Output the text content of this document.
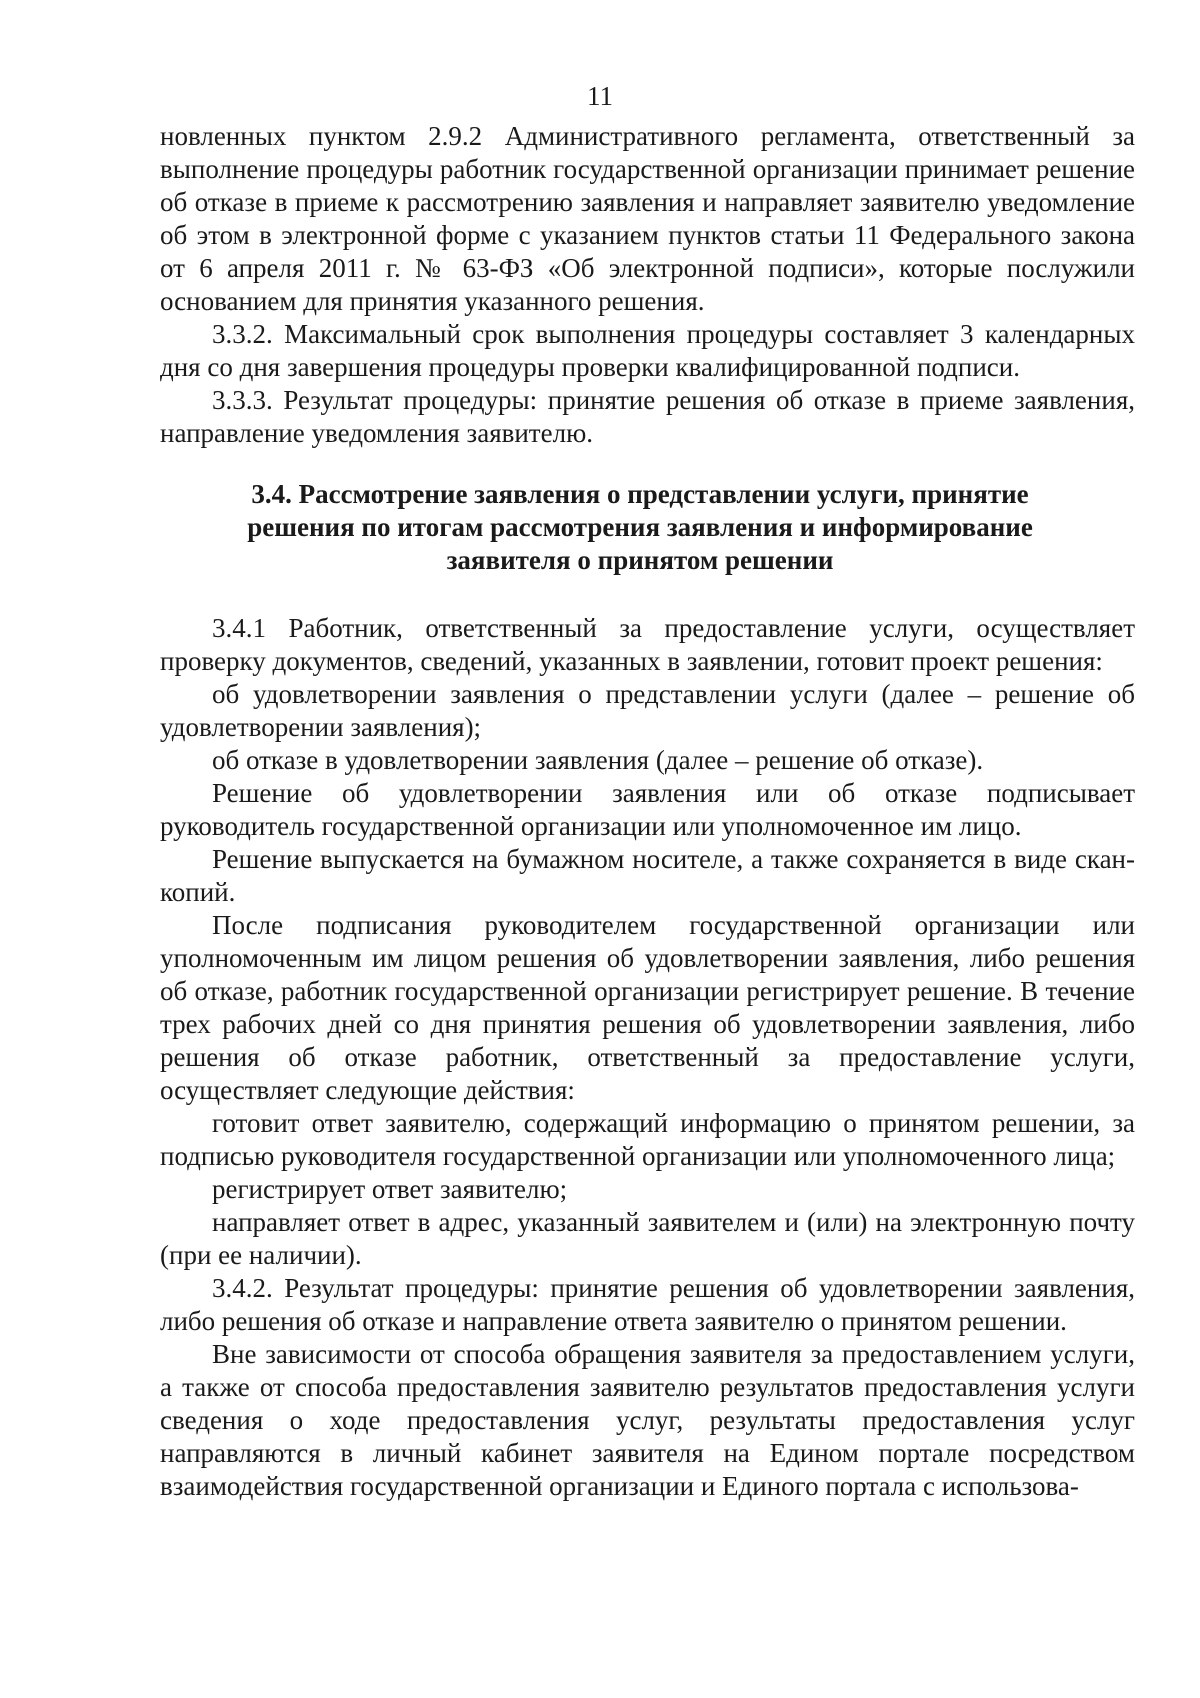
11

новленных пунктом 2.9.2 Административного регламента, ответственный за выполнение процедуры работник государственной организации принимает решение об отказе в приеме к рассмотрению заявления и направляет заявителю уведомление об этом в электронной форме с указанием пунктов статьи 11 Федерального закона от 6 апреля 2011 г. № 63-ФЗ «Об электронной подписи», которые послужили основанием для принятия указанного решения.

3.3.2. Максимальный срок выполнения процедуры составляет 3 календарных дня со дня завершения процедуры проверки квалифицированной подписи.

3.3.3. Результат процедуры: принятие решения об отказе в приеме заявления, направление уведомления заявителю.

3.4. Рассмотрение заявления о представлении услуги, принятие
решения по итогам рассмотрения заявления и информирование
заявителя о принятом решении

3.4.1 Работник, ответственный за предоставление услуги, осуществляет проверку документов, сведений, указанных в заявлении, готовит проект решения:

об удовлетворении заявления о представлении услуги (далее – решение об удовлетворении заявления);

об отказе в удовлетворении заявления (далее – решение об отказе).

Решение об удовлетворении заявления или об отказе подписывает руководитель государственной организации или уполномоченное им лицо.

Решение выпускается на бумажном носителе, а также сохраняется в виде скан-копий.

После подписания руководителем государственной организации или уполномоченным им лицом решения об удовлетворении заявления, либо решения об отказе, работник государственной организации регистрирует решение. В течение трех рабочих дней со дня принятия решения об удовлетворении заявления, либо решения об отказе работник, ответственный за предоставление услуги, осуществляет следующие действия:

готовит ответ заявителю, содержащий информацию о принятом решении, за подписью руководителя государственной организации или уполномоченного лица;

регистрирует ответ заявителю;

направляет ответ в адрес, указанный заявителем и (или) на электронную почту (при ее наличии).

3.4.2. Результат процедуры: принятие решения об удовлетворении заявления, либо решения об отказе и направление ответа заявителю о принятом решении.

Вне зависимости от способа обращения заявителя за предоставлением услуги, а также от способа предоставления заявителю результатов предоставления услуги сведения о ходе предоставления услуг, результаты предоставления услуг направляются в личный кабинет заявителя на Едином портале посредством взаимодействия государственной организации и Единого портала с использова-
